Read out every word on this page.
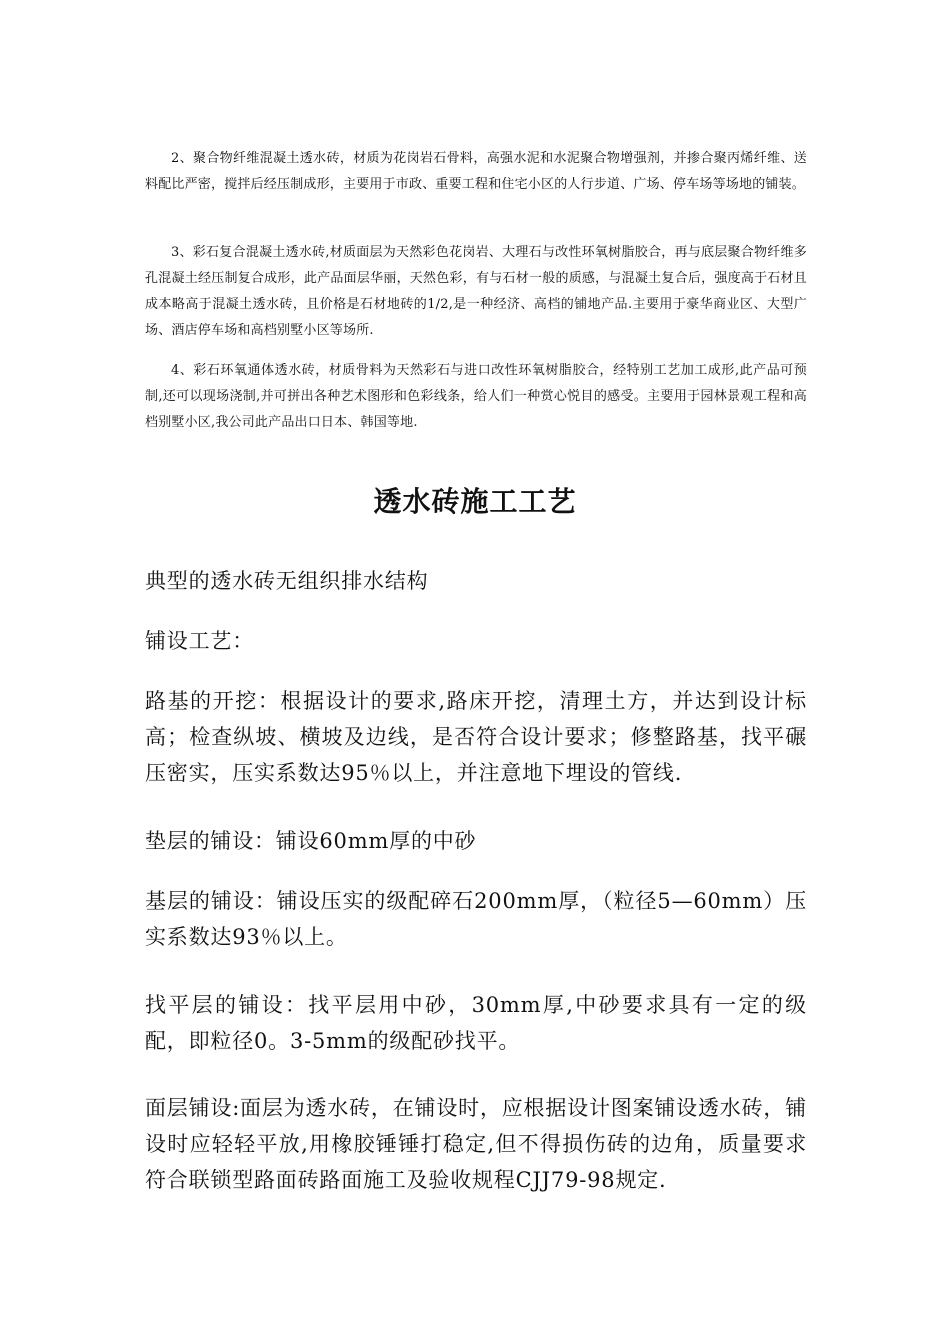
2、聚合物纤维混凝土透水砖，材质为花岗岩石骨料，高强水泥和水泥聚合物增强剂，并掺合聚丙烯纤维、送料配比严密，搅拌后经压制成形，主要用于市政、重要工程和住宅小区的人行步道、广场、停车场等场地的铺装。

3、彩石复合混凝土透水砖,材质面层为天然彩色花岗岩、大理石与改性环氧树脂胶合，再与底层聚合物纤维多孔混凝土经压制复合成形，此产品面层华丽，天然色彩，有与石材一般的质感，与混凝土复合后，强度高于石材且成本略高于混凝土透水砖，且价格是石材地砖的1/2,是一种经济、高档的铺地产品.主要用于豪华商业区、大型广场、酒店停车场和高档别墅小区等场所.

4、彩石环氧通体透水砖，材质骨料为天然彩石与进口改性环氧树脂胶合，经特别工艺加工成形,此产品可预制,还可以现场浇制,并可拼出各种艺术图形和色彩线条，给人们一种赏心悦目的感受。主要用于园林景观工程和高档别墅小区,我公司此产品出口日本、韩国等地.

透水砖施工工艺

典型的透水砖无组织排水结构

铺设工艺：

路基的开挖：根据设计的要求,路床开挖，清理土方，并达到设计标高；检查纵坡、横坡及边线，是否符合设计要求；修整路基，找平碾压密实，压实系数达95％以上，并注意地下埋设的管线.

垫层的铺设：铺设60mm厚的中砂

基层的铺设：铺设压实的级配碎石200mm厚，（粒径5—60mm）压实系数达93％以上。

找平层的铺设：找平层用中砂，30mm厚,中砂要求具有一定的级配，即粒径0。3-5mm的级配砂找平。

面层铺设:面层为透水砖，在铺设时，应根据设计图案铺设透水砖，铺设时应轻轻平放,用橡胶锤锤打稳定,但不得损伤砖的边角，质量要求符合联锁型路面砖路面施工及验收规程CJJ79-98规定.
